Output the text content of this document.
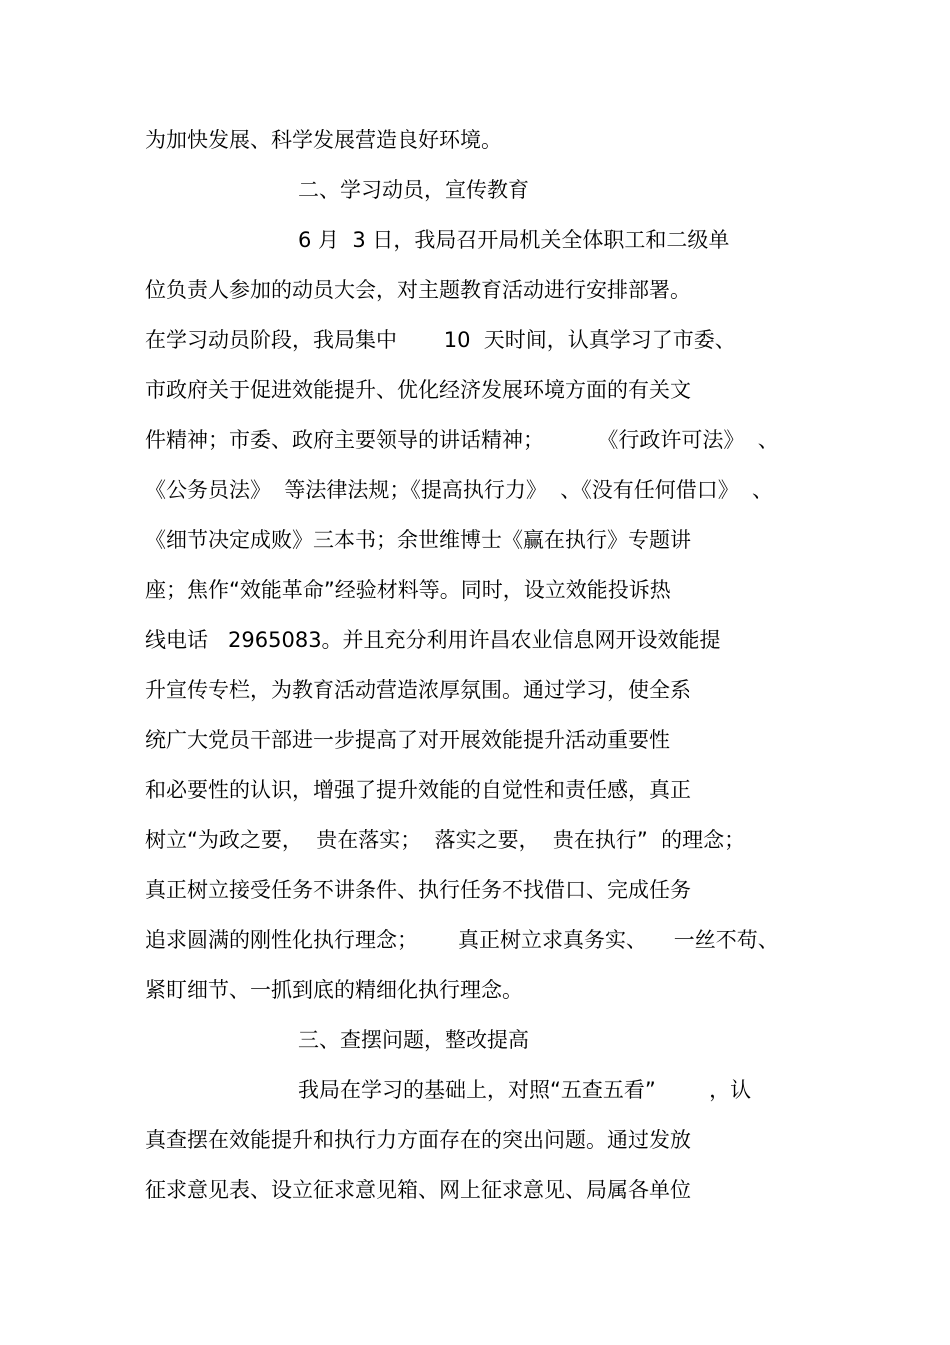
为加快发展、科学发展营造良好环境。
二、学习动员，宣传教育
6 月  3 日，我局召开局机关全体职工和二级单
位负责人参加的动员大会，对主题教育活动进行安排部署。
在学习动员阶段，我局集中       10  天时间，认真学习了市委、
市政府关于促进效能提升、优化经济发展环境方面的有关文
件精神；市委、政府主要领导的讲话精神；        《行政许可法》  、
《公务员法》  等法律法规；《提高执行力》  、《没有任何借口》  、
《细节决定成败》三本书；余世维博士《赢在执行》专题讲
座；焦作“效能革命”经验材料等。同时，设立效能投诉热
线电话   2965083。并且充分利用许昌农业信息网开设效能提
升宣传专栏，为教育活动营造浓厚氛围。通过学习，使全系
统广大党员干部进一步提高了对开展效能提升活动重要性
和必要性的认识，增强了提升效能的自觉性和责任感，真正
树立“为政之要，  贵在落实；  落实之要，  贵在执行”  的理念；
真正树立接受任务不讲条件、执行任务不找借口、完成任务
追求圆满的刚性化执行理念；      真正树立求真务实、    一丝不苟、
紧盯细节、一抓到底的精细化执行理念。
三、查摆问题，整改提高
我局在学习的基础上，对照“五查五看”        ，认
真查摆在效能提升和执行力方面存在的突出问题。通过发放
征求意见表、设立征求意见箱、网上征求意见、局属各单位
